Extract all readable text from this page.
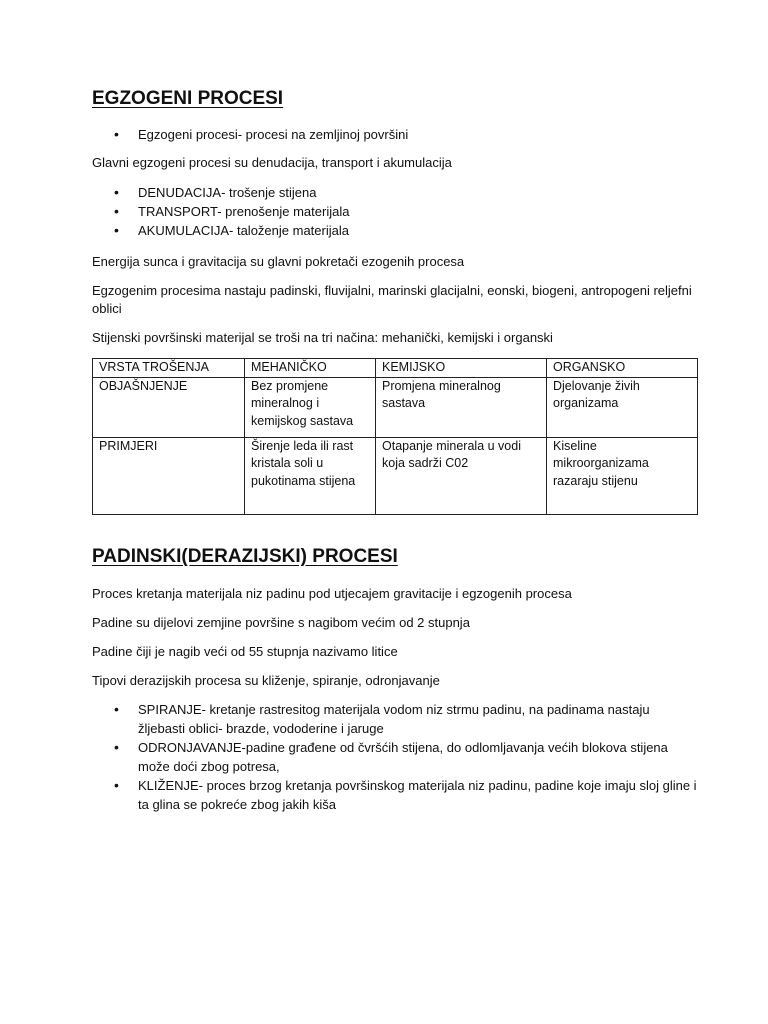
EGZOGENI PROCESI
• Egzogeni procesi- procesi na zemljinoj površini

Glavni egzogeni procesi su denudacija, transport i akumulacija

• DENUDACIJA- trošenje stijena
• TRANSPORT- prenošenje materijala
• AKUMULACIJA- taloženje materijala

Energija sunca i gravitacija su glavni pokretači ezogenih procesa

Egzogenim procesima nastaju padinski, fluvijalni, marinski glacijalni, eonski, biogeni, antropogeni reljefni oblici

Stijenski površinski materijal se troši na tri načina: mehanički, kemijski i organski

VRSTA TROŠENJA	MEHANIČKO	KEMIJSKO	ORGANSKO
OBJAŠNJENJE	Bez promjene mineralnog i kemijskog sastava	Promjena mineralnog sastava	Djelovanje živih organizama
PRIMJERI	Širenje leda ili rast kristala soli u pukotinama stijena	Otapanje minerala u vodi koja sadrži C02	Kiseline mikroorganizama razaraju stijenu
PADINSKI(DERAZIJSKI) PROCESI

Proces kretanja materijala niz padinu pod utjecajem gravitacije i egzogenih procesa

Padine su dijelovi zemjine površine s nagibom većim od 2 stupnja

Padine čiji je nagib veći od 55 stupnja nazivamo litice

Tipovi derazijskih procesa su kliženje, spiranje, odronjavanje

• SPIRANJE- kretanje rastresitog materijala vodom niz strmu padinu, na padinama nastaju žljebasti oblici- brazde, vododerine i jaruge
• ODRONJAVANJE-padine građene od čvršćih stijena, do odlomljavanja većih blokova stijena može doći zbog potresa,
• KLIŽENJE- proces brzog kretanja površinskog materijala niz padinu, padine koje imaju sloj gline i ta glina se pokreće zbog jakih kiša
